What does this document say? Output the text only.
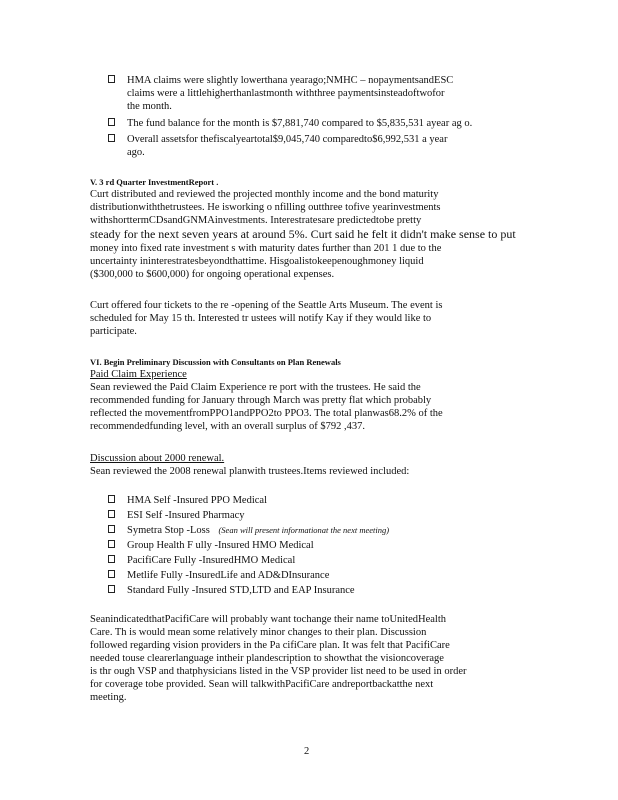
HMA claims were slightly lowerthana yearago;NMHC – nopaymentsandESC
claims were a littlehigherthanlastmonth withthree paymentsinsteadoftwofor
the month.
The fund balance for the month is $7,881,740 compared to $5,835,531 ayear ag o.
Overall assetsfor thefiscalyeartotal$9,045,740 comparedto$6,992,531 a year
ago.
V. 3 rd Quarter InvestmentReport .

Curt distributed and reviewed the projected monthly income and the bond maturity

distributionwiththetrustees. He isworking o nfilling outthree tofive yearinvestments

withshorttermCDsandGNMAinvestments. Interestratesare predictedtobe pretty

steady for the next seven years at around 5%. Curt said he felt it didn't make sense to put

money into fixed rate investment s with maturity dates further than 201 1 due to the

uncertainty ininterestratesbeyondthattime. Hisgoalistokeepenoughmoney liquid

($300,000 to $600,000) for ongoing operational expenses.

Curt offered four tickets to the re -opening of the Seattle Arts Museum. The event is

scheduled for May 15 th. Interested tr ustees will notify Kay if they would like to

participate.

VI. Begin Preliminary Discussion with Consultants on Plan Renewals
Paid Claim Experience

Sean reviewed the Paid Claim Experience re port with the trustees. He said the

recommended funding for January through March was pretty flat which probably

reflected the movementfromPPO1andPPO2to PPO3. The total planwas68.2% of the

recommendedfunding level, with an overall surplus of $792 ,437.

Discussion about 2000 renewal.
Sean reviewed the 2008 renewal planwith trustees.Items reviewed included:
HMA Self -Insured PPO Medical
ESI Self -Insured Pharmacy
Symetra Stop -Loss (Sean will present informationat the next meeting)
Group Health F ully -Insured HMO Medical
PacifiCare Fully -InsuredHMO Medical
Metlife Fully -InsuredLife and AD&DInsurance
Standard Fully -Insured STD,LTD and EAP Insurance

SeanindicatedthatPacifiCare will probably want tochange their name toUnitedHealth

Care. Th is would mean some relatively minor changes to their plan. Discussion

followed regarding vision providers in the Pa cifiCare plan. It was felt that PacifiCare

needed touse clearerlanguage intheir plandescription to showthat the visioncoverage

is thr ough VSP and thatphysicians listed in the VSP provider list need to be used in order

for coverage tobe provided. Sean will talkwithPacifiCare andreportbackatthe next

meeting.

2
